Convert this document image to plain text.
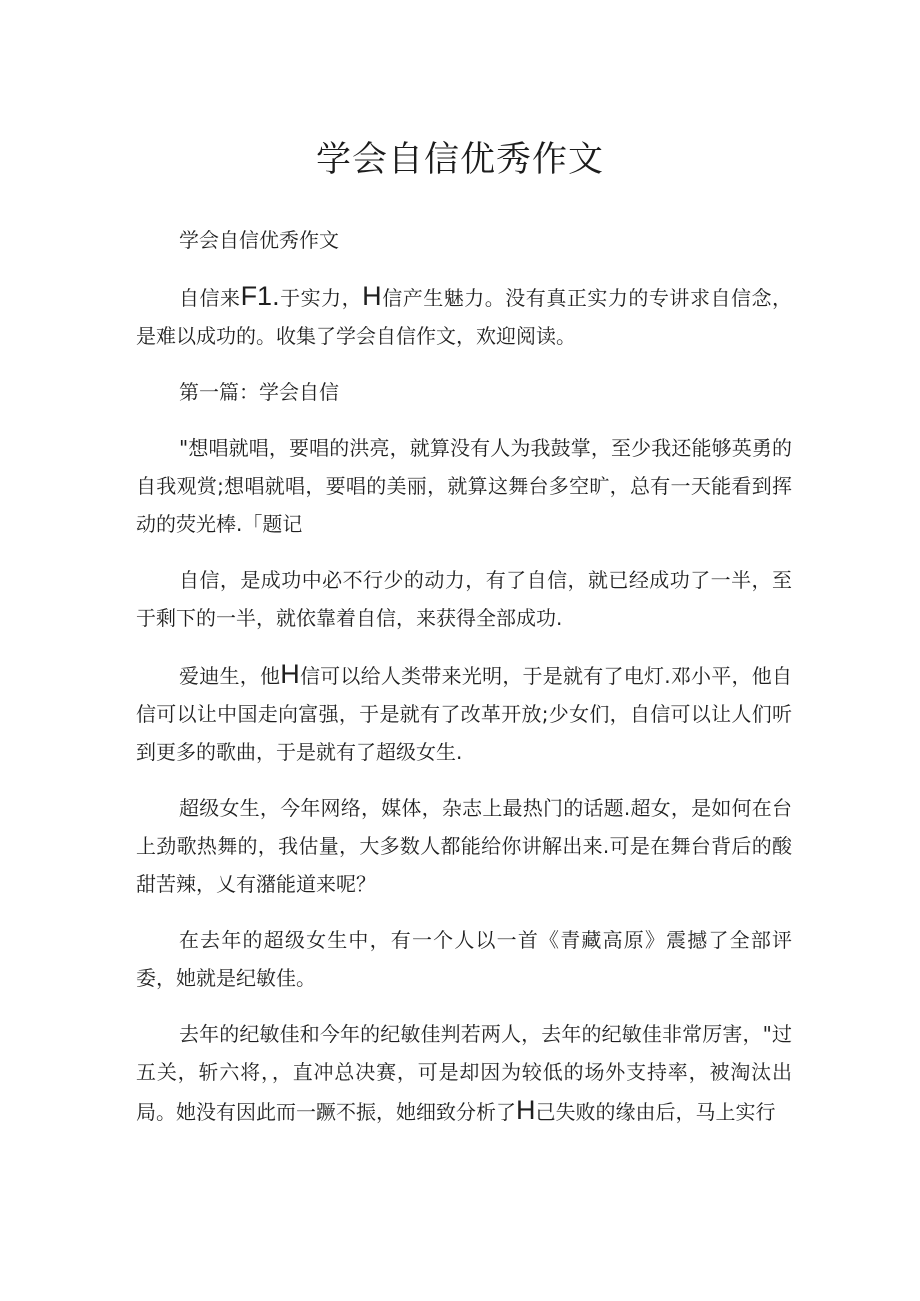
学会自信优秀作文

学会自信优秀作文

自信来F1.于实力，H信产生魅力。没有真正实力的专讲求自信念，是难以成功的。收集了学会自信作文，欢迎阅读。

第一篇：学会自信

"想唱就唱，要唱的洪亮，就算没有人为我鼓掌，至少我还能够英勇的自我观赏;想唱就唱，要唱的美丽，就算这舞台多空旷，总有一天能看到挥动的荧光棒.「题记

自信，是成功中必不行少的动力，有了自信，就已经成功了一半，至于剩下的一半，就依靠着自信，来获得全部成功.

爱迪生，他H信可以给人类带来光明，于是就有了电灯.邓小平，他自信可以让中国走向富强，于是就有了改革开放;少女们，自信可以让人们听到更多的歌曲，于是就有了超级女生.

超级女生，今年网络，媒体，杂志上最热门的话题.超女，是如何在台上劲歌热舞的，我估量，大多数人都能给你讲解出来.可是在舞台背后的酸甜苦辣，乂有潴能道来呢？

在去年的超级女生中，有一个人以一首《青藏高原》震撼了全部评委，她就是纪敏佳。

去年的纪敏佳和今年的纪敏佳判若两人，去年的纪敏佳非常厉害，"过五关，斩六将，，直冲总决赛，可是却因为较低的场外支持率，被淘汰出局。她没有因此而一蹶不振，她细致分析了H己失败的缘由后，马上实行
